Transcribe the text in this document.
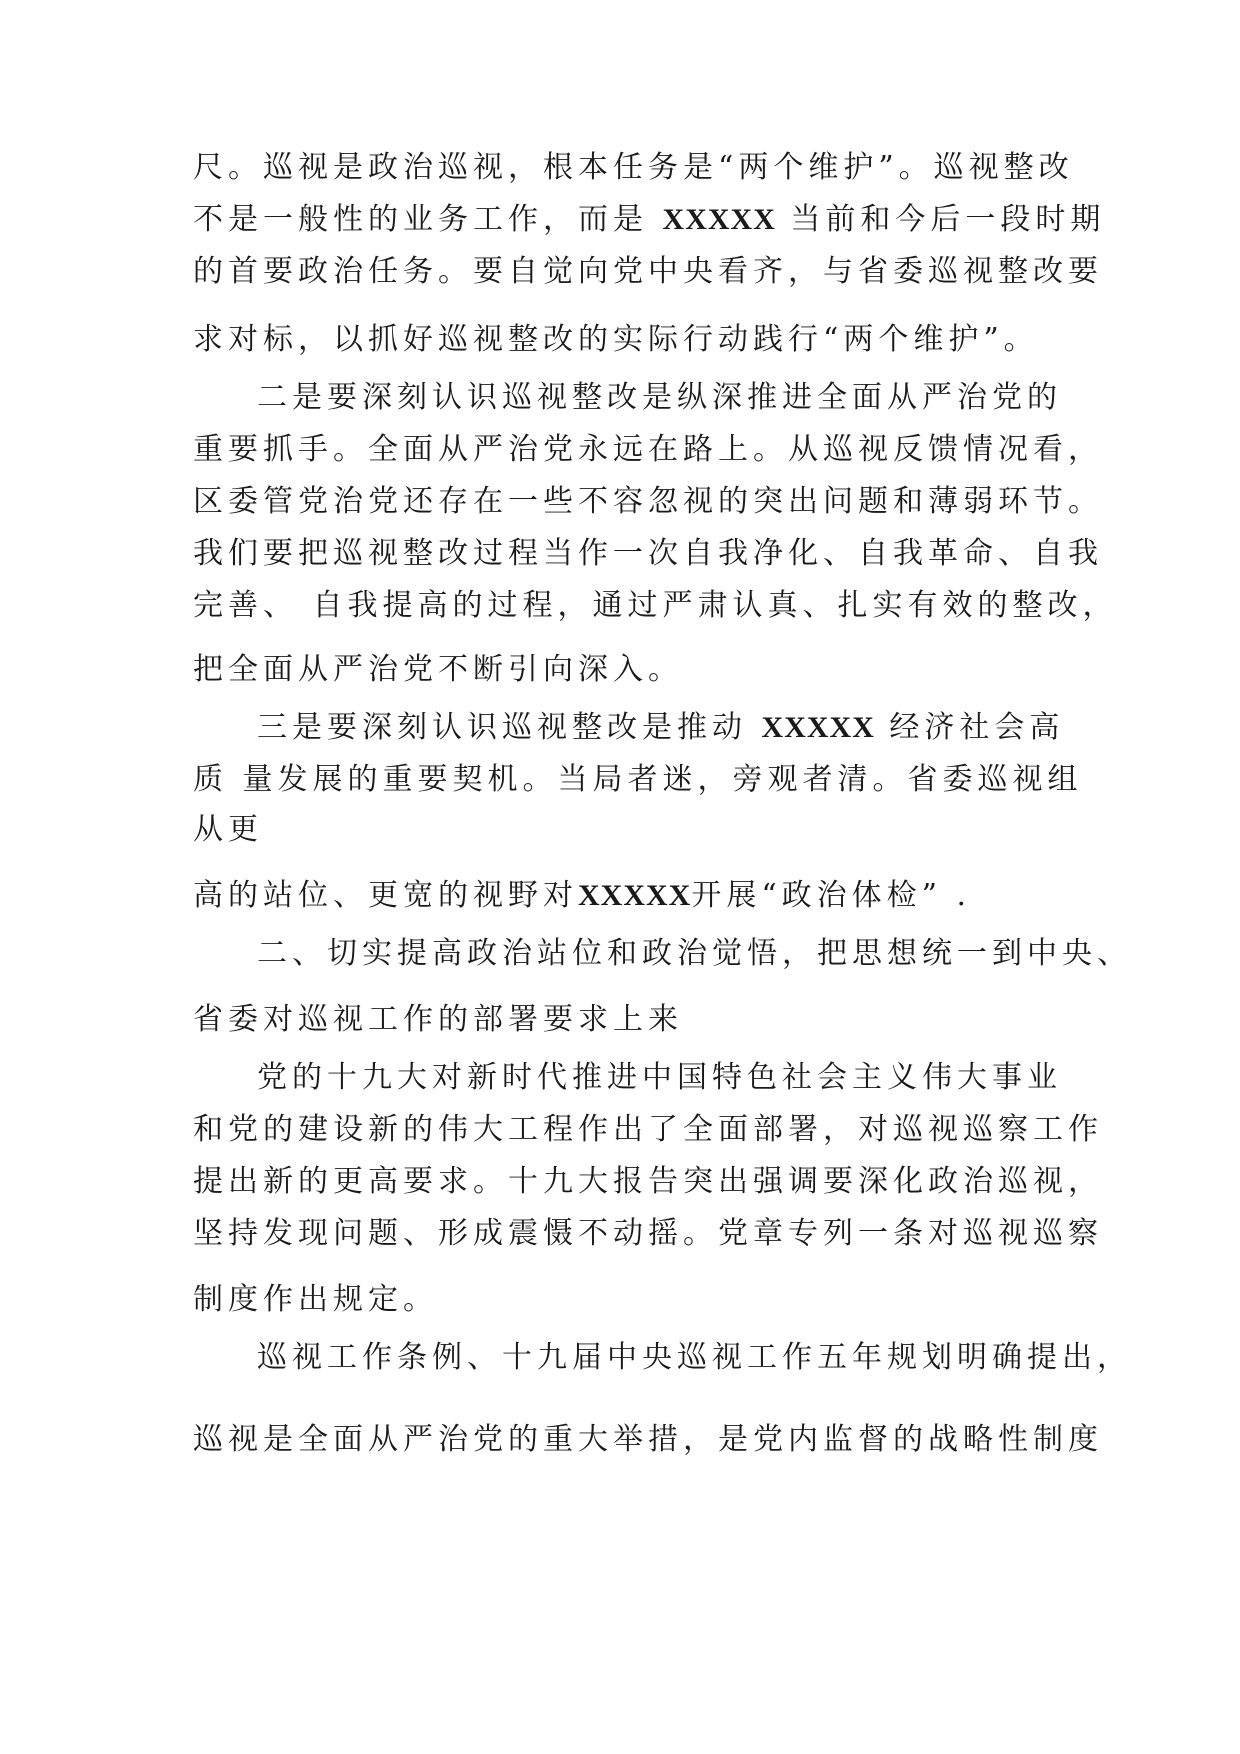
尺。巡视是政治巡视，根本任务是“两个维护”。巡视整改

不是一般性的业务工作，而是 XXXXX 当前和今后一段时期

的首要政治任务。要自觉向党中央看齐，与省委巡视整改要

求对标，以抓好巡视整改的实际行动践行“两个维护”。

二是要深刻认识巡视整改是纵深推进全面从严治党的

重要抓手。全面从严治党永远在路上。从巡视反馈情况看，

区委管党治党还存在一些不容忽视的突出问题和薄弱环节。

我们要把巡视整改过程当作一次自我净化、自我革命、自我

完善、 自我提高的过程，通过严肃认真、扎实有效的整改，

把全面从严治党不断引向深入。

三是要深刻认识巡视整改是推动 XXXXX 经济社会高

质 量发展的重要契机。当局者迷，旁观者清。省委巡视组

从更

高的站位、更宽的视野对XXXXX开展“政治体检” .

二、切实提高政治站位和政治觉悟，把思想统一到中央、

省委对巡视工作的部署要求上来

党的十九大对新时代推进中国特色社会主义伟大事业

和党的建设新的伟大工程作出了全面部署，对巡视巡察工作

提出新的更高要求。十九大报告突出强调要深化政治巡视，

坚持发现问题、形成震慑不动摇。党章专列一条对巡视巡察

制度作出规定。

巡视工作条例、十九届中央巡视工作五年规划明确提出，

巡视是全面从严治党的重大举措，是党内监督的战略性制度
